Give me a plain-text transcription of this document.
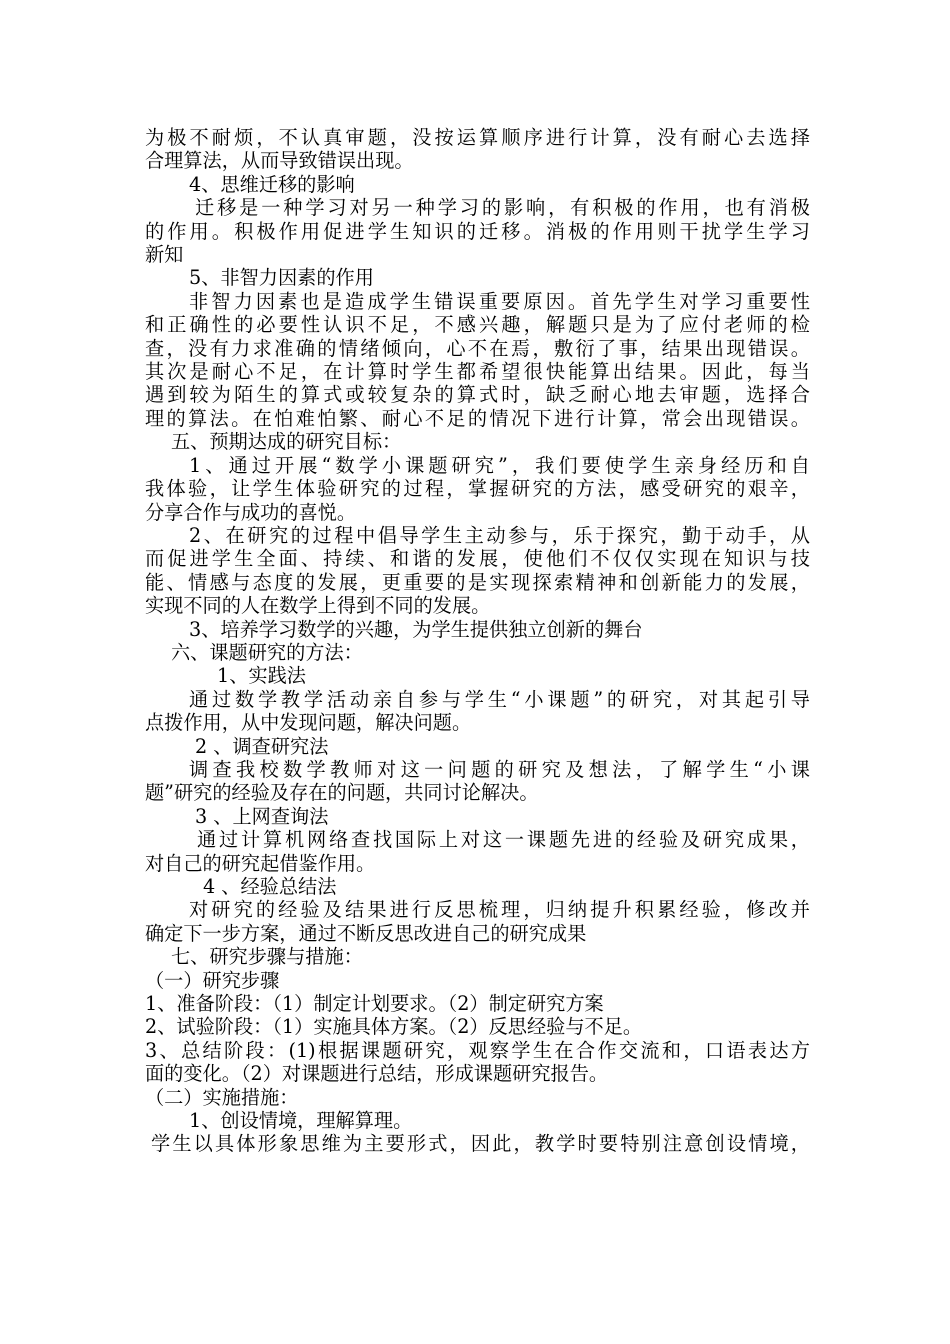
为极不耐烦，不认真审题，没按运算顺序进行计算，没有耐心去选择
合理算法，从而导致错误出现。
4、思维迁移的影响
迁移是一种学习对另一种学习的影响，有积极的作用，也有消极
的作用。积极作用促进学生知识的迁移。消极的作用则干扰学生学习
新知
5、非智力因素的作用
非智力因素也是造成学生错误重要原因。首先学生对学习重要性
和正确性的必要性认识不足，不感兴趣，解题只是为了应付老师的检
查，没有力求准确的情绪倾向，心不在焉，敷衍了事，结果出现错误。
其次是耐心不足，在计算时学生都希望很快能算出结果。因此，每当
遇到较为陌生的算式或较复杂的算式时，缺乏耐心地去审题，选择合
理的算法。在怕难怕繁、耐心不足的情况下进行计算，常会出现错误。
五、预期达成的研究目标：
1、通过开展“数学小课题研究”，我们要使学生亲身经历和自
我体验，让学生体验研究的过程，掌握研究的方法，感受研究的艰辛，
分享合作与成功的喜悦。
2、在研究的过程中倡导学生主动参与，乐于探究，勤于动手，从
而促进学生全面、持续、和谐的发展，使他们不仅仅实现在知识与技
能、情感与态度的发展，更重要的是实现探索精神和创新能力的发展，
实现不同的人在数学上得到不同的发展。
3、培养学习数学的兴趣，为学生提供独立创新的舞台
六、课题研究的方法：
1、实践法
通过数学教学活动亲自参与学生“小课题”的研究，对其起引导
点拨作用，从中发现问题，解决问题。
2 、调查研究法
调查我校数学教师对这一问题的研究及想法，了解学生“小课
题”研究的经验及存在的问题，共同讨论解决。
3 、上网查询法
通过计算机网络查找国际上对这一课题先进的经验及研究成果，
对自己的研究起借鉴作用。
4 、经验总结法
对研究的经验及结果进行反思梳理，归纳提升积累经验，修改并
确定下一步方案，通过不断反思改进自己的研究成果
七、研究步骤与措施：
（一）研究步骤
1、准备阶段：（1）制定计划要求。（2）制定研究方案
2、试验阶段：（1）实施具体方案。（2）反思经验与不足。
3、总结阶段：(1)根据课题研究，观察学生在合作交流和，口语表达方
面的变化。（2）对课题进行总结，形成课题研究报告。
（二）实施措施：
1、创设情境，理解算理。
学生以具体形象思维为主要形式，因此，教学时要特别注意创设情境，
